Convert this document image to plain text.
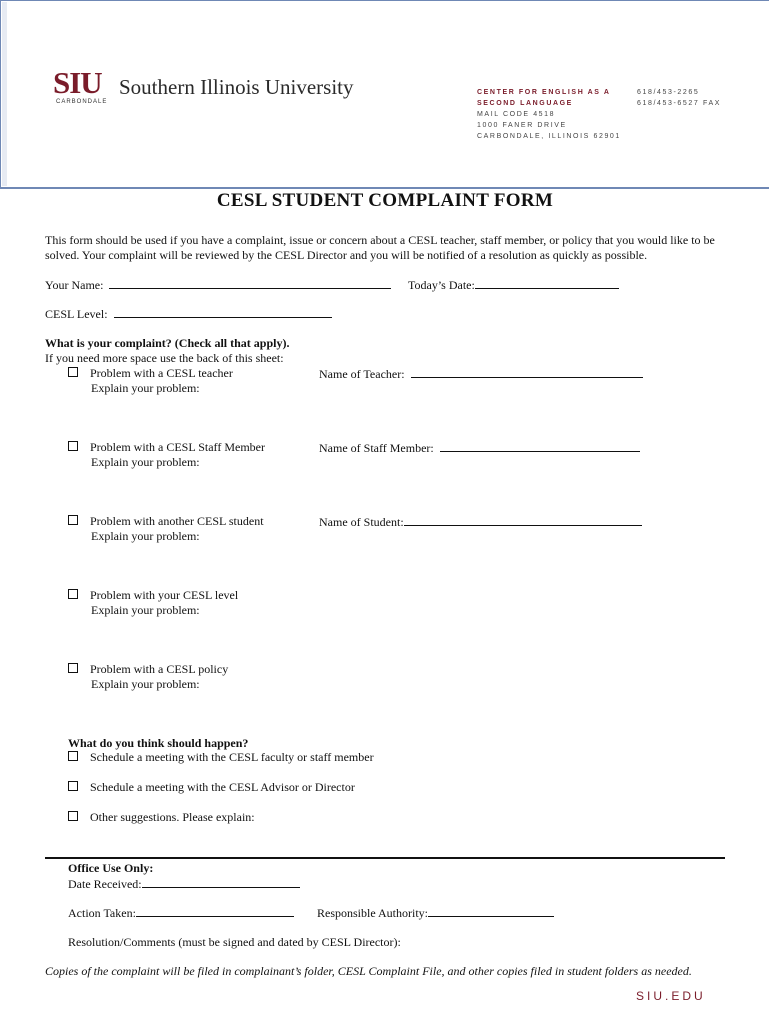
SIU Southern Illinois University
CARBONDALE
CENTER FOR ENGLISH AS A
SECOND LANGUAGE
MAIL CODE 4518
1000 FANER DRIVE
CARBONDALE, ILLINOIS 62901
618/453-2265
618/453-6527 FAX
CESL STUDENT COMPLAINT FORM
This form should be used if you have a complaint, issue or concern about a CESL teacher, staff member, or policy that you would like to be solved. Your complaint will be reviewed by the CESL Director and you will be notified of a resolution as quickly as possible.
Your Name:	Today’s Date:
CESL Level:
What is your complaint? (Check all that apply).
If you need more space use the back of this sheet:
Problem with a CESL teacher
Explain your problem:
Name of Teacher:
Problem with a CESL Staff Member
Explain your problem:
Name of Staff Member:
Problem with another CESL student
Explain your problem:
Name of Student:
Problem with your CESL level
Explain your problem:
Problem with a CESL policy
Explain your problem:
What do you think should happen?
Schedule a meeting with the CESL faculty or staff member
Schedule a meeting with the CESL Advisor or Director
Other suggestions. Please explain:
Office Use Only:
Date Received:
Action Taken:	Responsible Authority:
Resolution/Comments (must be signed and dated by CESL Director):
Copies of the complaint will be filed in complainant’s folder, CESL Complaint File, and other copies filed in student folders as needed.
SIU.EDU
